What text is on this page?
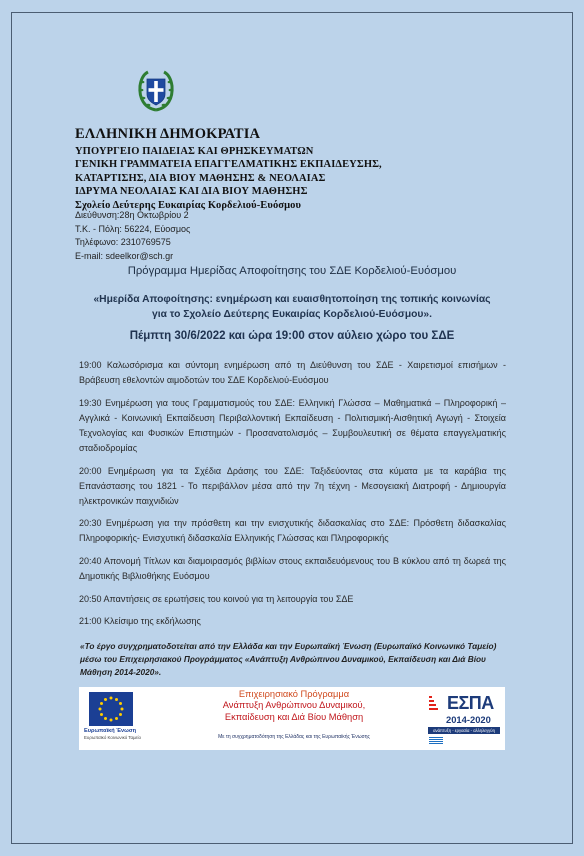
ΕΛΛΗΝΙΚΗ ΔΗΜΟΚΡΑΤΙΑ
ΥΠΟΥΡΓΕΙΟ ΠΑΙΔΕΙΑΣ ΚΑΙ ΘΡΗΣΚΕΥΜΑΤΩΝ
ΓΕΝΙΚΗ ΓΡΑΜΜΑΤΕΙΑ ΕΠΑΓΓΕΛΜΑΤΙΚΗΣ ΕΚΠΑΙΔΕΥΣΗΣ,
ΚΑΤΑΡΤΙΣΗΣ, ΔΙΑ ΒΙΟΥ ΜΑΘΗΣΗΣ & ΝΕΟΛΑΙΑΣ
ΙΔΡΥΜΑ ΝΕΟΛΑΙΑΣ ΚΑΙ ΔΙΑ ΒΙΟΥ ΜΑΘΗΣΗΣ
Σχολείο Δεύτερης Ευκαιρίας Κορδελιού-Ευόσμου
Διεύθυνση:28η Οκτωβρίου 2
Τ.Κ. - Πόλη: 56224, Εύοσμος
Τηλέφωνο: 2310769575
E-mail: sdeelkor@sch.gr
Πρόγραμμα Ημερίδας Αποφοίτησης του ΣΔΕ Κορδελιού-Ευόσμου
«Ημερίδα Αποφοίτησης: ενημέρωση και ευαισθητοποίηση της τοπικής κοινωνίας
για το Σχολείο Δεύτερης Ευκαιρίας Κορδελιού-Ευόσμου».
Πέμπτη 30/6/2022 και ώρα 19:00 στον αύλειο χώρο του ΣΔΕ
19:00 Καλωσόρισμα και σύντομη ενημέρωση από τη Διεύθυνση του ΣΔΕ - Χαιρετισμοί επισήμων - Βράβευση εθελοντών αιμοδοτών του ΣΔΕ Κορδελιού-Ευόσμου
19:30 Ενημέρωση για τους Γραμματισμούς του ΣΔΕ: Ελληνική Γλώσσα – Μαθηματικά – Πληροφορική – Αγγλικά - Κοινωνική Εκπαίδευση Περιβαλλοντική Εκπαίδευση - Πολιτισμική-Αισθητική Αγωγή - Στοιχεία Τεχνολογίας και Φυσικών Επιστημών - Προσανατολισμός – Συμβουλευτική σε θέματα επαγγελματικής σταδιοδρομίας
20:00 Ενημέρωση για τα Σχέδια Δράσης του ΣΔΕ: Ταξιδεύοντας στα κύματα με τα καράβια της Επανάστασης του 1821 - Το περιβάλλον μέσα από την 7η τέχνη - Μεσογειακή Διατροφή - Δημιουργία ηλεκτρονικών παιχνιδιών
20:30 Ενημέρωση για την πρόσθετη και την ενισχυτικής διδασκαλίας στο ΣΔΕ: Πρόσθετη διδασκαλίας Πληροφορικής- Ενισχυτική διδασκαλία Ελληνικής Γλώσσας και Πληροφορικής
20:40 Απονομή Τίτλων και διαμοιρασμός βιβλίων στους εκπαιδευόμενους του Β κύκλου από τη δωρεά της Δημοτικής Βιβλιοθήκης Ευόσμου
20:50 Απαντήσεις σε ερωτήσεις του κοινού για τη λειτουργία του ΣΔΕ
21:00 Κλείσιμο της εκδήλωσης
«Το έργο συγχρηματοδοτείται από την Ελλάδα και την Ευρωπαϊκή Ένωση (Ευρωπαϊκό Κοινωνικό Ταμείο) μέσω του Επιχειρησιακού Προγράμματος «Ανάπτυξη Ανθρώπινου Δυναμικού, Εκπαίδευση και Διά Βίου Μάθηση 2014-2020».
Ευρωπαϊκή Ένωση
Ευρωπαϊκό Κοινωνικό Ταμείο
Επιχειρησιακό Πρόγραμμα
Ανάπτυξη Ανθρώπινου Δυναμικού,
Εκπαίδευση και Διά Βίου Μάθηση
Με τη συγχρηματοδότηση της Ελλάδας και της Ευρωπαϊκής Ένωσης
ΕΣΠΑ
2014-2020
ανάπτυξη - εργασία - αλληλεγγύη
